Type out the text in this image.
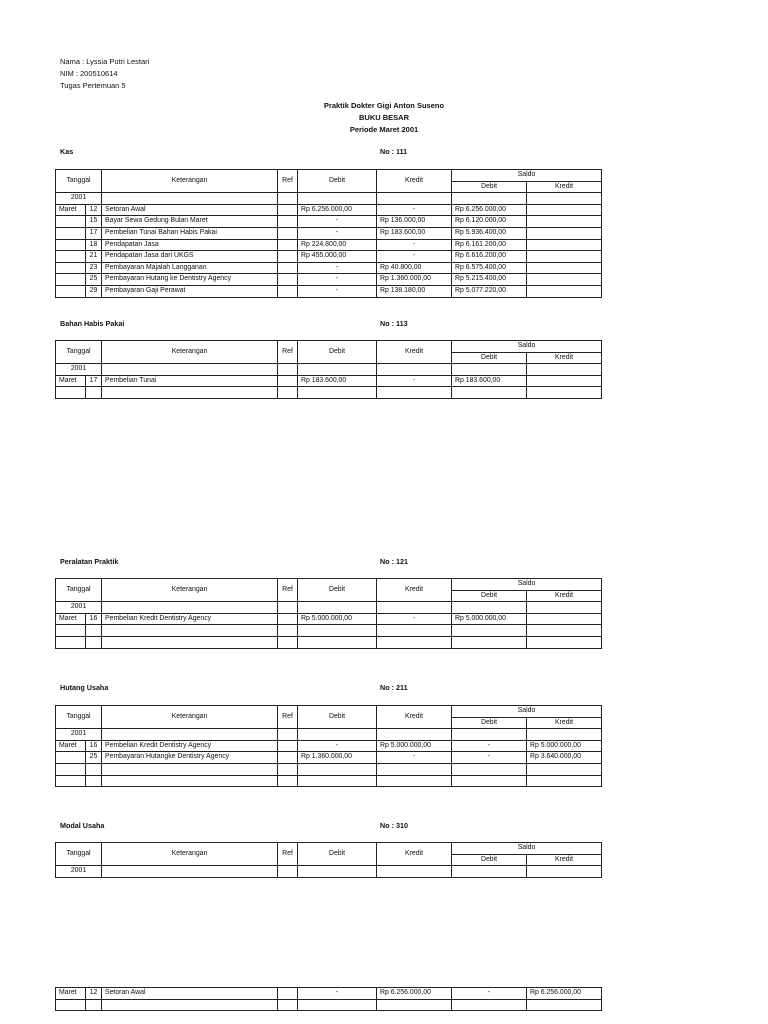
Nama : Lyssia Putri Lestari
NIM : 200510614
Tugas Pertemuan 5
Praktik Dokter Gigi Anton Suseno
BUKU BESAR
Periode Maret 2001
Kas	No : 111
Tanggal		Keterangan	Ref	Debit	Kredit	Saldo	
						Debit	Kredit
2001							
Maret	12	Setoran Awal		Rp 6.256.000,00	-	Rp 6.256.000,00	
	15	Bayar Sewa Gedung Bulan Maret		-	Rp 136.000,00	Rp 6.120.000,00	
	17	Pembelian Tunai Bahan Habis Pakai		-	Rp 183.600,00	Rp 5.936.400,00	
	18	Pendapatan Jasa		Rp 224.800,00	-	Rp 6.161.200,00	
	21	Pendapatan Jasa dari UKGS		Rp 455.000,00	-	Rp 6.616.200,00	
	23	Pembayaran Majalah Langganan		-	Rp 40.800,00	Rp 6.575.400,00	
	25	Pembayaran Hutang ke Dentistry Agency		-	Rp 1.360.000,00	Rp 5.215.400,00	
	29	Pembayaran Gaji Perawat		-	Rp 138.180,00	Rp 5.077.220,00	
Bahan Habis Pakai	No : 113
Tanggal		Keterangan	Ref	Debit	Kredit	Saldo	
						Debit	Kredit
2001							
Maret	17	Pembelian Tunai		Rp 183.600,00	-	Rp 183.600,00	

Peralatan Praktik	No : 121
Tanggal		Keterangan	Ref	Debit	Kredit	Saldo	
						Debit	Kredit
2001							
Maret	16	Pembelian Kredit Dentistry Agency		Rp 5.000.000,00	-	Rp 5.000.000,00	

Hutang Usaha	No : 211
Tanggal		Keterangan	Ref	Debit	Kredit	Saldo	
						Debit	Kredit
2001							
Maret	16	Pembelian Kredit Dentistry Agency		-	Rp 5.000.000,00	-	Rp 5.000.000,00
	25	Pembayaran Hutangke Dentistry Agency		Rp 1.360.000,00	-	-	Rp 3.640.000,00

Modal Usaha	No : 310
Tanggal	Keterangan	Ref	Debit	Kredit	Saldo	
					Debit	Kredit
2001						
Maret	12	Setoran Awal		-	Rp 6.256.000,00	-	Rp 6.256.000,00
